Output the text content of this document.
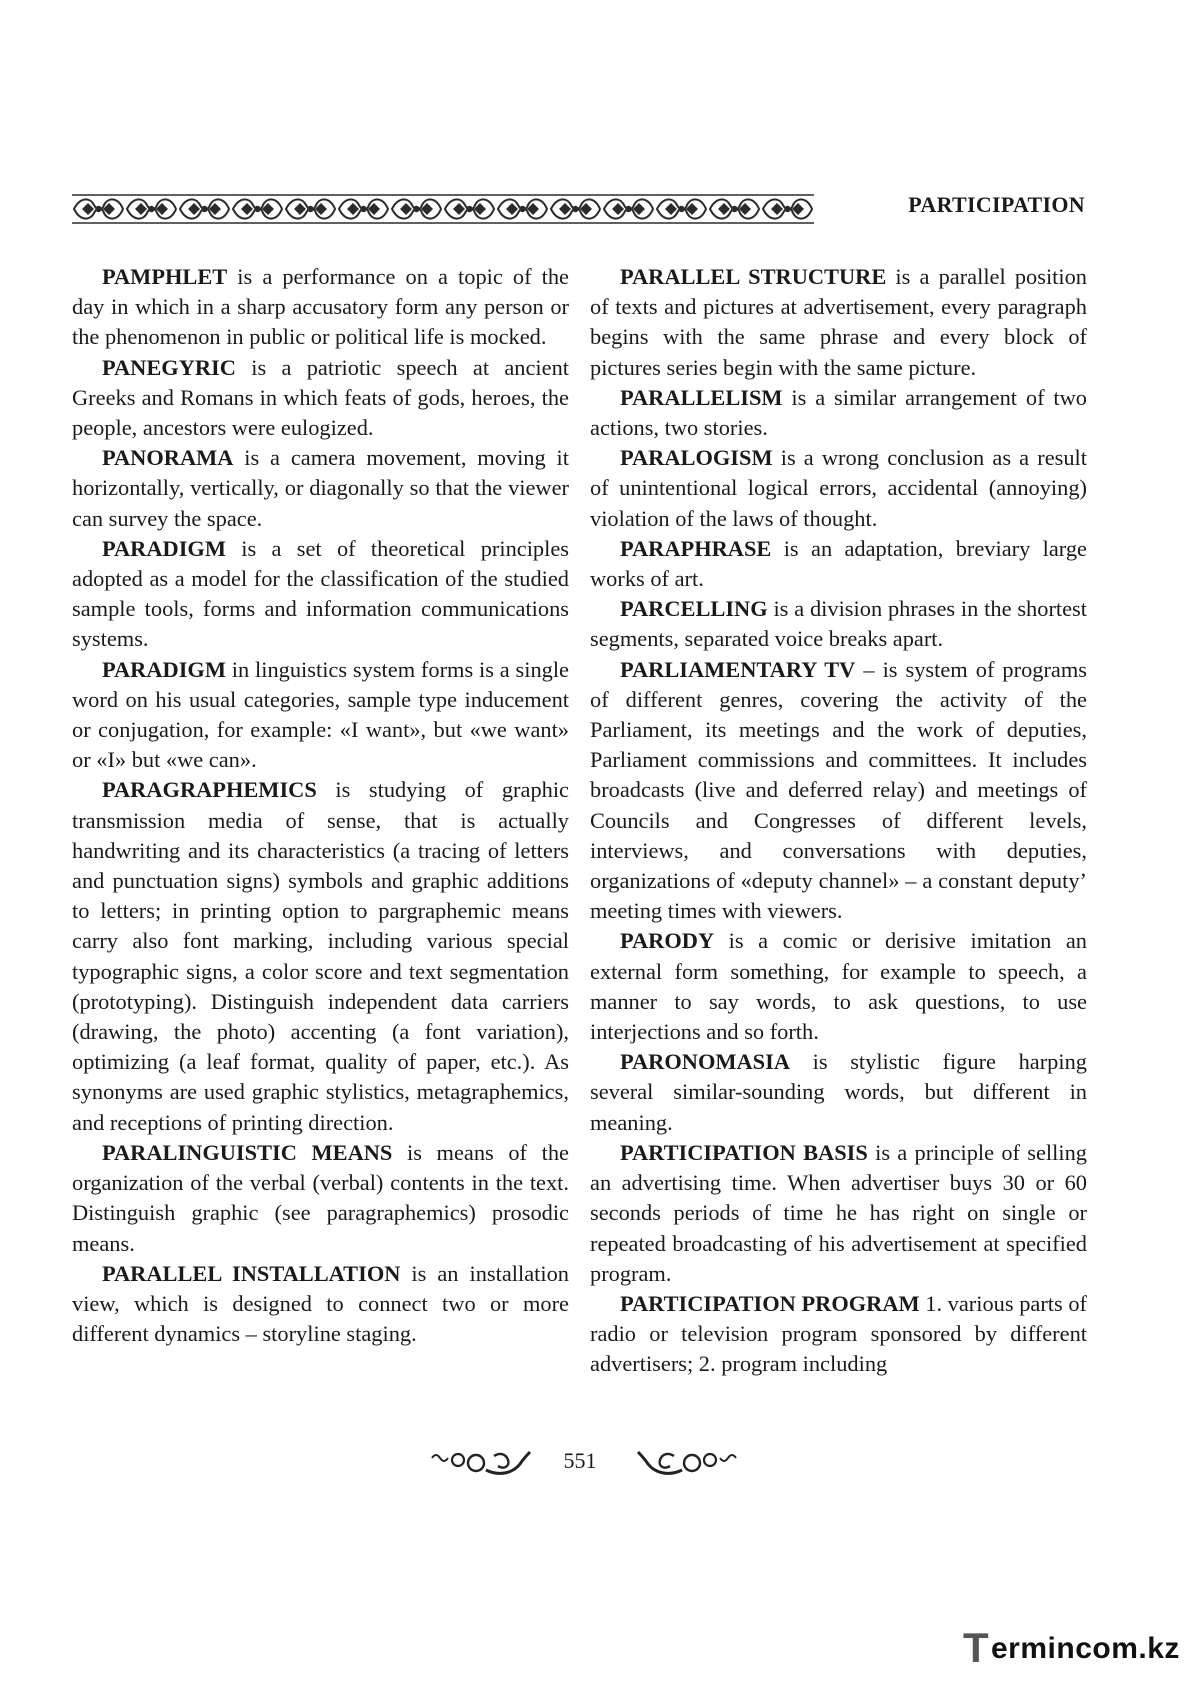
PARTICIPATION

PAMPHLET is a performance on a topic of the day in which in a sharp accusatory form any person or the phenomenon in public or political life is mocked.

PANEGYRIC is a patriotic speech at ancient Greeks and Romans in which feats of gods, heroes, the people, ancestors were eulogized.

PANORAMA is a camera movement, moving it horizontally, vertically, or diagonally so that the viewer can survey the space.

PARADIGM is a set of theoretical principles adopted as a model for the classification of the studied sample tools, forms and information communications systems.

PARADIGM in linguistics system forms is a single word on his usual categories, sample type inducement or conjugation, for example: «I want», but «we want» or «I» but «we can».

PARAGRAPHEMICS is studying of graphic transmission media of sense, that is actually handwriting and its characteristics (a tracing of letters and punctuation signs) symbols and graphic additions to letters; in printing option to pargraphemic means carry also font marking, including various special typographic signs, a color score and text segmentation (prototyping). Distinguish independent data carriers (drawing, the photo) accenting (a font variation), optimizing (a leaf format, quality of paper, etc.). As synonyms are used graphic stylistics, metagraphemics, and receptions of printing direction.

PARALINGUISTIC MEANS is means of the organization of the verbal (verbal) contents in the text. Distinguish graphic (see paragraphemics) prosodic means.

PARALLEL INSTALLATION is an installation view, which is designed to connect two or more different dynamics – storyline staging.

PARALLEL STRUCTURE is a parallel position of texts and pictures at advertisement, every paragraph begins with the same phrase and every block of pictures series begin with the same picture.

PARALLELISM is a similar arrangement of two actions, two stories.

PARALOGISM is a wrong conclusion as a result of unintentional logical errors, accidental (annoying) violation of the laws of thought.

PARAPHRASE is an adaptation, breviary large works of art.

PARCELLING is a division phrases in the shortest segments, separated voice breaks apart.

PARLIAMENTARY TV – is system of programs of different genres, covering the activity of the Parliament, its meetings and the work of deputies, Parliament commissions and committees. It includes broadcasts (live and deferred relay) and meetings of Councils and Congresses of different levels, interviews, and conversations with deputies, organizations of «deputy channel» – a constant deputy’ meeting times with viewers.

PARODY is a comic or derisive imitation an external form something, for example to speech, a manner to say words, to ask questions, to use interjections and so forth.

PARONOMASIA is stylistic figure harping several similar-sounding words, but different in meaning.

PARTICIPATION BASIS is a principle of selling an advertising time. When advertiser buys 30 or 60 seconds periods of time he has right on single or repeated broadcasting of his advertisement at specified program.

PARTICIPATION PROGRAM 1. various parts of radio or television program sponsored by different advertisers; 2. program including

551
T ermincom.kz
